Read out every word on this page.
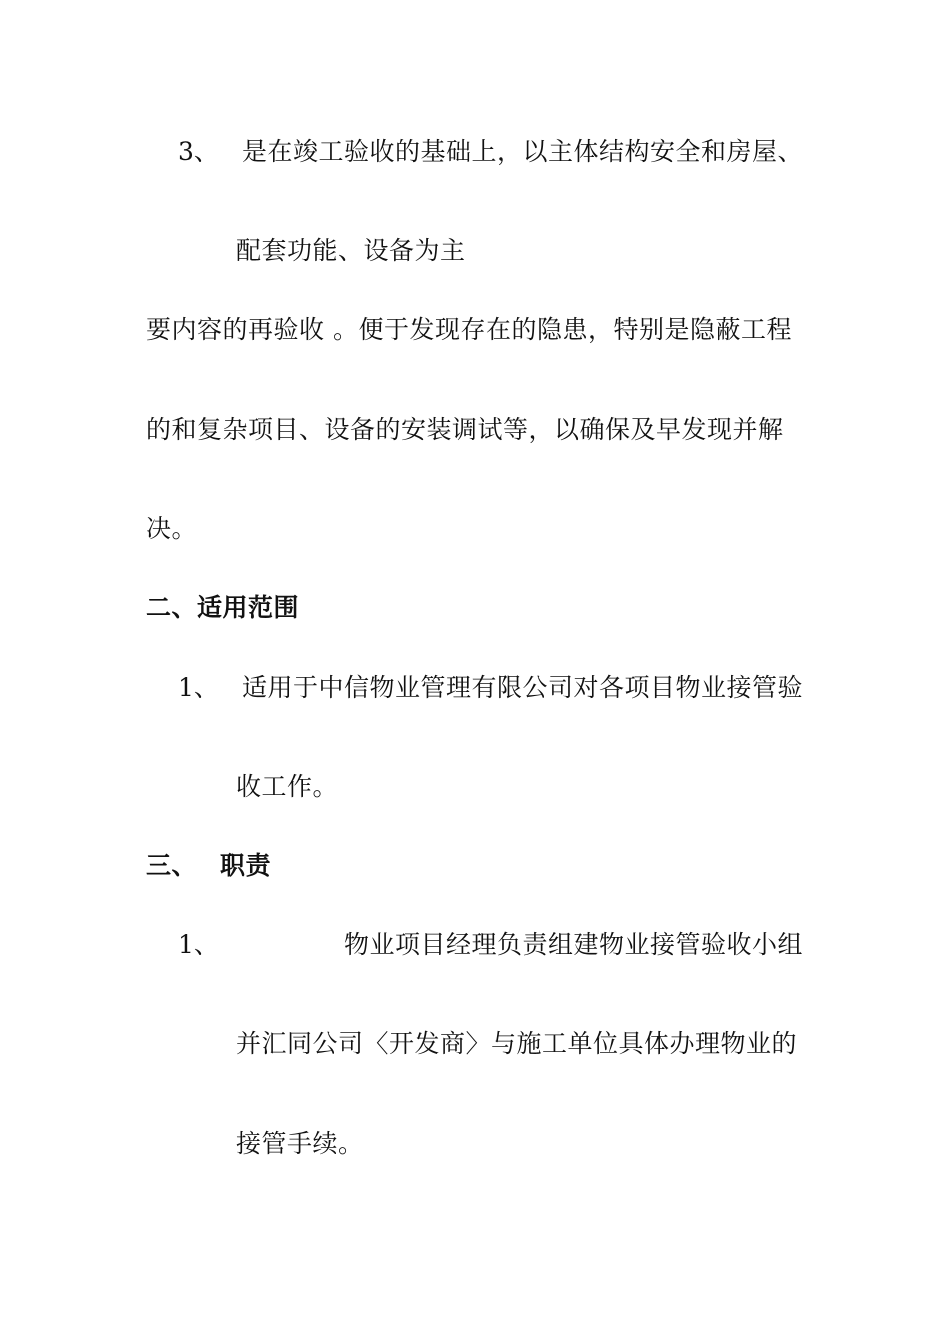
3、 是在竣工验收的基础上，以主体结构安全和房屋、
配套功能、设备为主
要内容的再验收 。便于发现存在的隐患，特别是隐蔽工程
的和复杂项目、设备的安装调试等，以确保及早发现并解
决。
二、适用范围
1、 适用于中信物业管理有限公司对各项目物业接管验
收工作。
三、 职责
1、	物业项目经理负责组建物业接管验收小组
并汇同公司〈开发商〉与施工单位具体办理物业的
接管手续。
